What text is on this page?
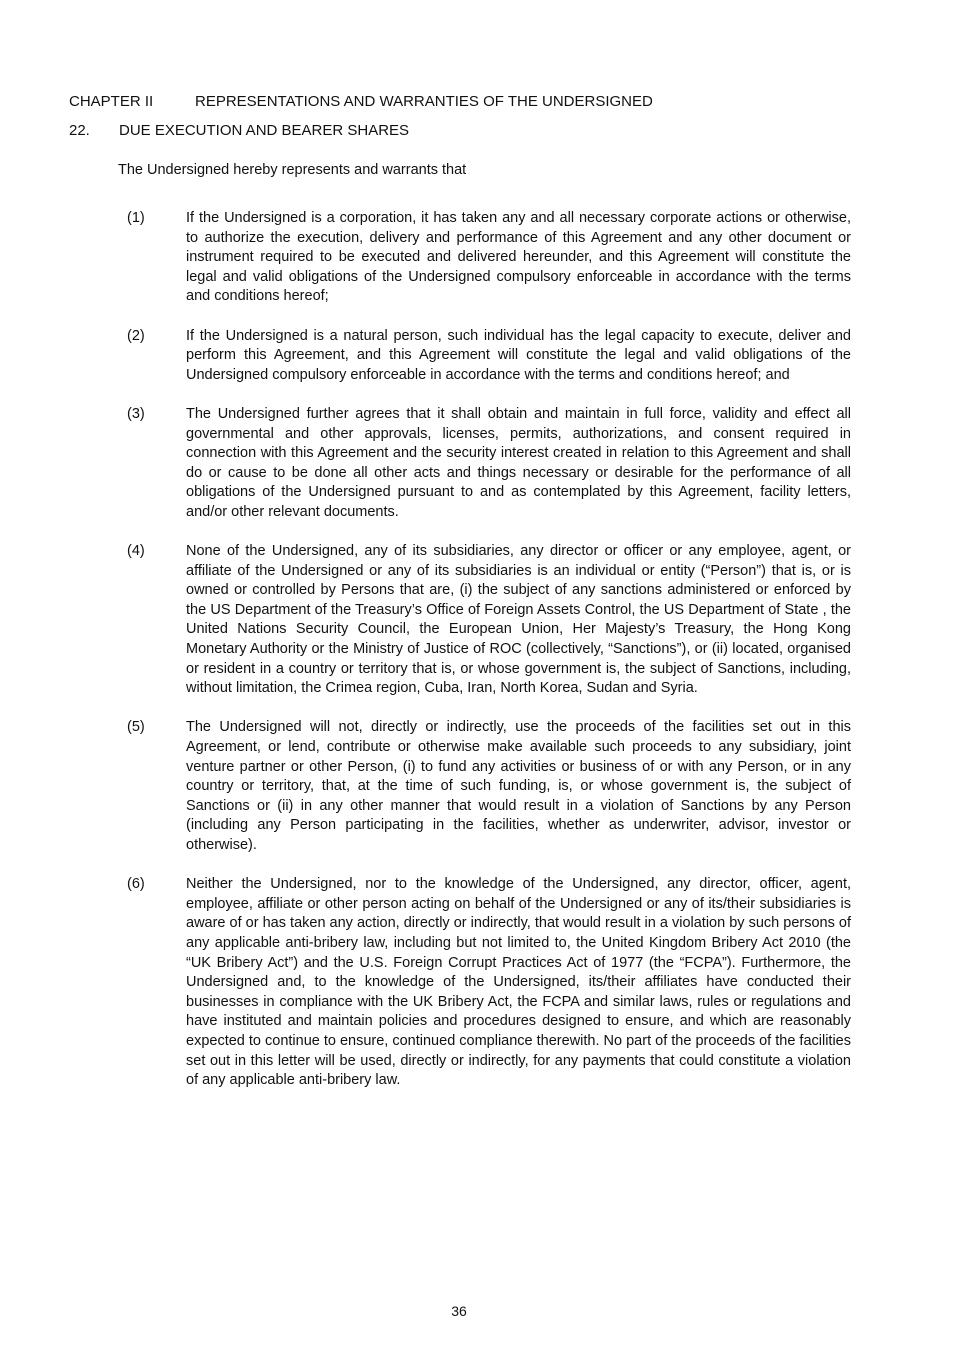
CHAPTER II	REPRESENTATIONS AND WARRANTIES OF THE UNDERSIGNED
22. DUE EXECUTION AND BEARER SHARES
The Undersigned hereby represents and warrants that
(1)	If the Undersigned is a corporation, it has taken any and all necessary corporate actions or otherwise, to authorize the execution, delivery and performance of this Agreement and any other document or instrument required to be executed and delivered hereunder, and this Agreement will constitute the legal and valid obligations of the Undersigned compulsory enforceable in accordance with the terms and conditions hereof;
(2)	If the Undersigned is a natural person, such individual has the legal capacity to execute, deliver and perform this Agreement, and this Agreement will constitute the legal and valid obligations of the Undersigned compulsory enforceable in accordance with the terms and conditions hereof; and
(3)	The Undersigned further agrees that it shall obtain and maintain in full force, validity and effect all governmental and other approvals, licenses, permits, authorizations, and consent required in connection with this Agreement and the security interest created in relation to this Agreement and shall do or cause to be done all other acts and things necessary or desirable for the performance of all obligations of the Undersigned pursuant to and as contemplated by this Agreement, facility letters, and/or other relevant documents.
(4)	None of the Undersigned, any of its subsidiaries, any director or officer or any employee, agent, or affiliate of the Undersigned or any of its subsidiaries is an individual or entity (“Person”) that is, or is owned or controlled by Persons that are, (i) the subject of any sanctions administered or enforced by the US Department of the Treasury’s Office of Foreign Assets Control, the US Department of State , the United Nations Security Council, the European Union, Her Majesty’s Treasury, the Hong Kong Monetary Authority or the Ministry of Justice of ROC (collectively, “Sanctions”), or (ii) located, organised or resident in a country or territory that is, or whose government is, the subject of Sanctions, including, without limitation, the Crimea region, Cuba, Iran, North Korea, Sudan and Syria.
(5)	The Undersigned will not, directly or indirectly, use the proceeds of the facilities set out in this Agreement, or lend, contribute or otherwise make available such proceeds to any subsidiary, joint venture partner or other Person, (i) to fund any activities or business of or with any Person, or in any country or territory, that, at the time of such funding, is, or whose government is, the subject of Sanctions or (ii) in any other manner that would result in a violation of Sanctions by any Person (including any Person participating in the facilities, whether as underwriter, advisor, investor or otherwise).
(6)	Neither the Undersigned, nor to the knowledge of the Undersigned, any director, officer, agent, employee, affiliate or other person acting on behalf of the Undersigned or any of its/their subsidiaries is aware of or has taken any action, directly or indirectly, that would result in a violation by such persons of any applicable anti-bribery law, including but not limited to, the United Kingdom Bribery Act 2010 (the “UK Bribery Act”) and the U.S. Foreign Corrupt Practices Act of 1977 (the “FCPA”). Furthermore, the Undersigned and, to the knowledge of the Undersigned, its/their affiliates have conducted their businesses in compliance with the UK Bribery Act, the FCPA and similar laws, rules or regulations and have instituted and maintain policies and procedures designed to ensure, and which are reasonably expected to continue to ensure, continued compliance therewith. No part of the proceeds of the facilities set out in this letter will be used, directly or indirectly, for any payments that could constitute a violation of any applicable anti-bribery law.
36
